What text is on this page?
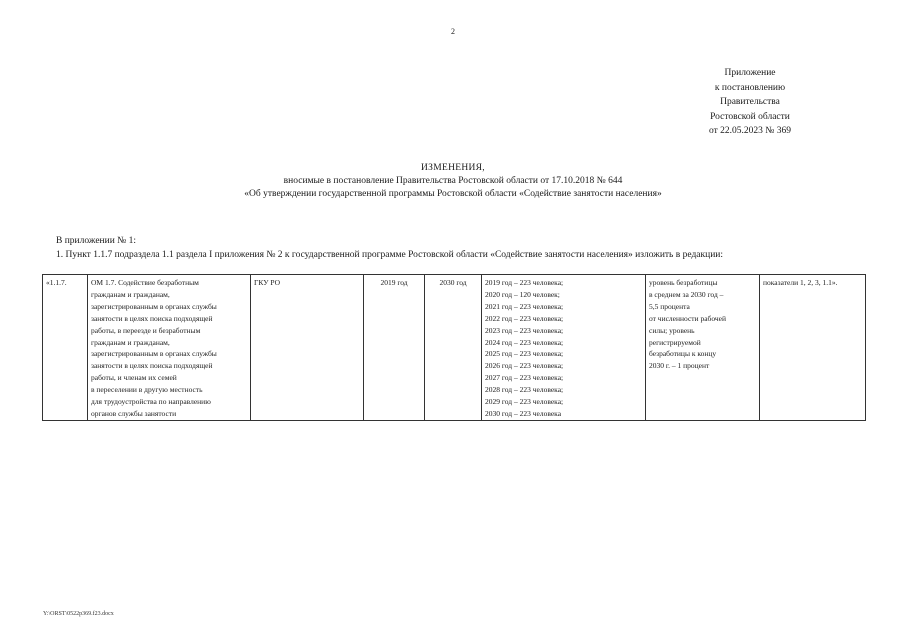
2
Приложение
к постановлению
Правительства
Ростовской области
от 22.05.2023 № 369
ИЗМЕНЕНИЯ,
вносимые в постановление Правительства Ростовской области от 17.10.2018 № 644
«Об утверждении государственной программы Ростовской области «Содействие занятости населения»
В приложении № 1:
1. Пункт 1.1.7 подраздела 1.1 раздела I приложения № 2 к государственной программе Ростовской области «Содействие занятости населения» изложить в редакции:
«1.1.7.	ОМ 1.7. Содействие безработным
гражданам и гражданам,
зарегистрированным в органах службы
занятости в целях поиска подходящей
работы, в переезде и безработным
гражданам и гражданам,
зарегистрированным в органах службы
занятости в целях поиска подходящей
работы, и членам их семей
в переселении в другую местность
для трудоустройства по направлению
органов службы занятости
	ГКУ РО	2019 год	2030 год	2019 год – 223 человека;
2020 год – 120 человек;
2021 год – 223 человека;
2022 год – 223 человека;
2023 год – 223 человека;
2024 год – 223 человека;
2025 год – 223 человека;
2026 год – 223 человека;
2027 год – 223 человека;
2028 год – 223 человека;
2029 год – 223 человека;
2030 год – 223 человека

уровень безработицы
в среднем за 2030 год –
5,5 процента
от численности рабочей
силы; уровень
регистрируемой
безработицы к концу
2030 г. – 1 процент
	показатели 1, 2, 3, 1.1».
Y:\ORST\0522p369.f23.docx
